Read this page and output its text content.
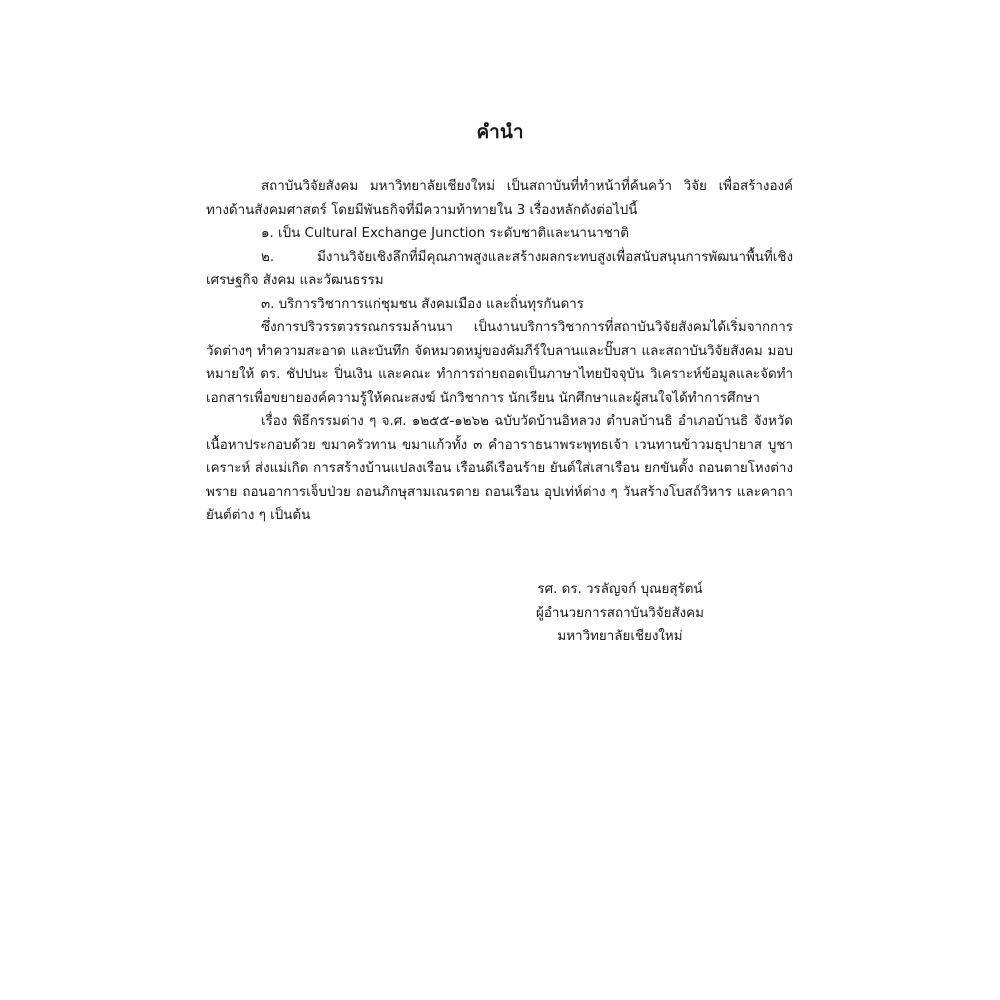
คำนำ
สถาบันวิจัยสังคม มหาวิทยาลัยเชียงใหม่ เป็นสถาบันที่ทำหน้าที่ค้นคว้า วิจัย เพื่อสร้างองค์
ทางด้านสังคมศาสตร์ โดยมีพันธกิจที่มีความท้าทายใน 3 เรื่องหลักดังต่อไปนี้
๑. เป็น Cultural Exchange Junction ระดับชาติและนานาชาติ
๒. มีงานวิจัยเชิงลึกที่มีคุณภาพสูงและสร้างผลกระทบสูงเพื่อสนับสนุนการพัฒนาพื้นที่เชิง
เศรษฐกิจ สังคม และวัฒนธรรม
๓. บริการวิชาการแก่ชุมชน สังคมเมือง และถิ่นทุรกันดาร
ซึ่งการปริวรรตวรรณกรรมล้านนา เป็นงานบริการวิชาการที่สถาบันวิจัยสังคมได้เริ่มจากการ
วัดต่างๆ ทำความสะอาด และบันทึก จัดหมวดหมู่ของคัมภีร์ใบลานและปั๊บสา และสถาบันวิจัยสังคม มอบ
หมายให้ ดร. ชัปปนะ ปิ่นเงิน และคณะ ทำการถ่ายถอดเป็นภาษาไทยปัจจุบัน วิเคราะห์ข้อมูลและจัดทำ
เอกสารเพื่อขยายองค์ความรู้ให้คณะสงฆ์ นักวิชาการ นักเรียน นักศึกษาและผู้สนใจได้ทำการศึกษา
เรื่อง พิธีกรรมต่าง ๆ จ.ศ. ๑๒๕๕-๑๒๖๒ ฉบับวัดบ้านอิหลวง ตำบลบ้านธิ อำเภอบ้านธิ จังหวัด
เนื้อหาประกอบด้วย ขมาครัวทาน ขมาแก้วทั้ง ๓ คำอาราธนาพระพุทธเจ้า เวนทานข้าวมธุปายาส บูชา
เคราะห์ ส่งแม่เกิด การสร้างบ้านแปลงเรือน เรือนดีเรือนร้าย ยันต์ใส่เสาเรือน ยกขันตั้ง ถอนตายโหงต่าง
พราย ถอนอาการเจ็บป่วย ถอนภิกษุสามเณรตาย ถอนเรือน อุปเท่ห์ต่าง ๆ วันสร้างโบสถ์วิหาร และคาถา
ยันต์ต่าง ๆ เป็นต้น
รศ. ดร. วรลัญจก์ บุณยสุรัตน์
ผู้อำนวยการสถาบันวิจัยสังคม
มหาวิทยาลัยเชียงใหม่
